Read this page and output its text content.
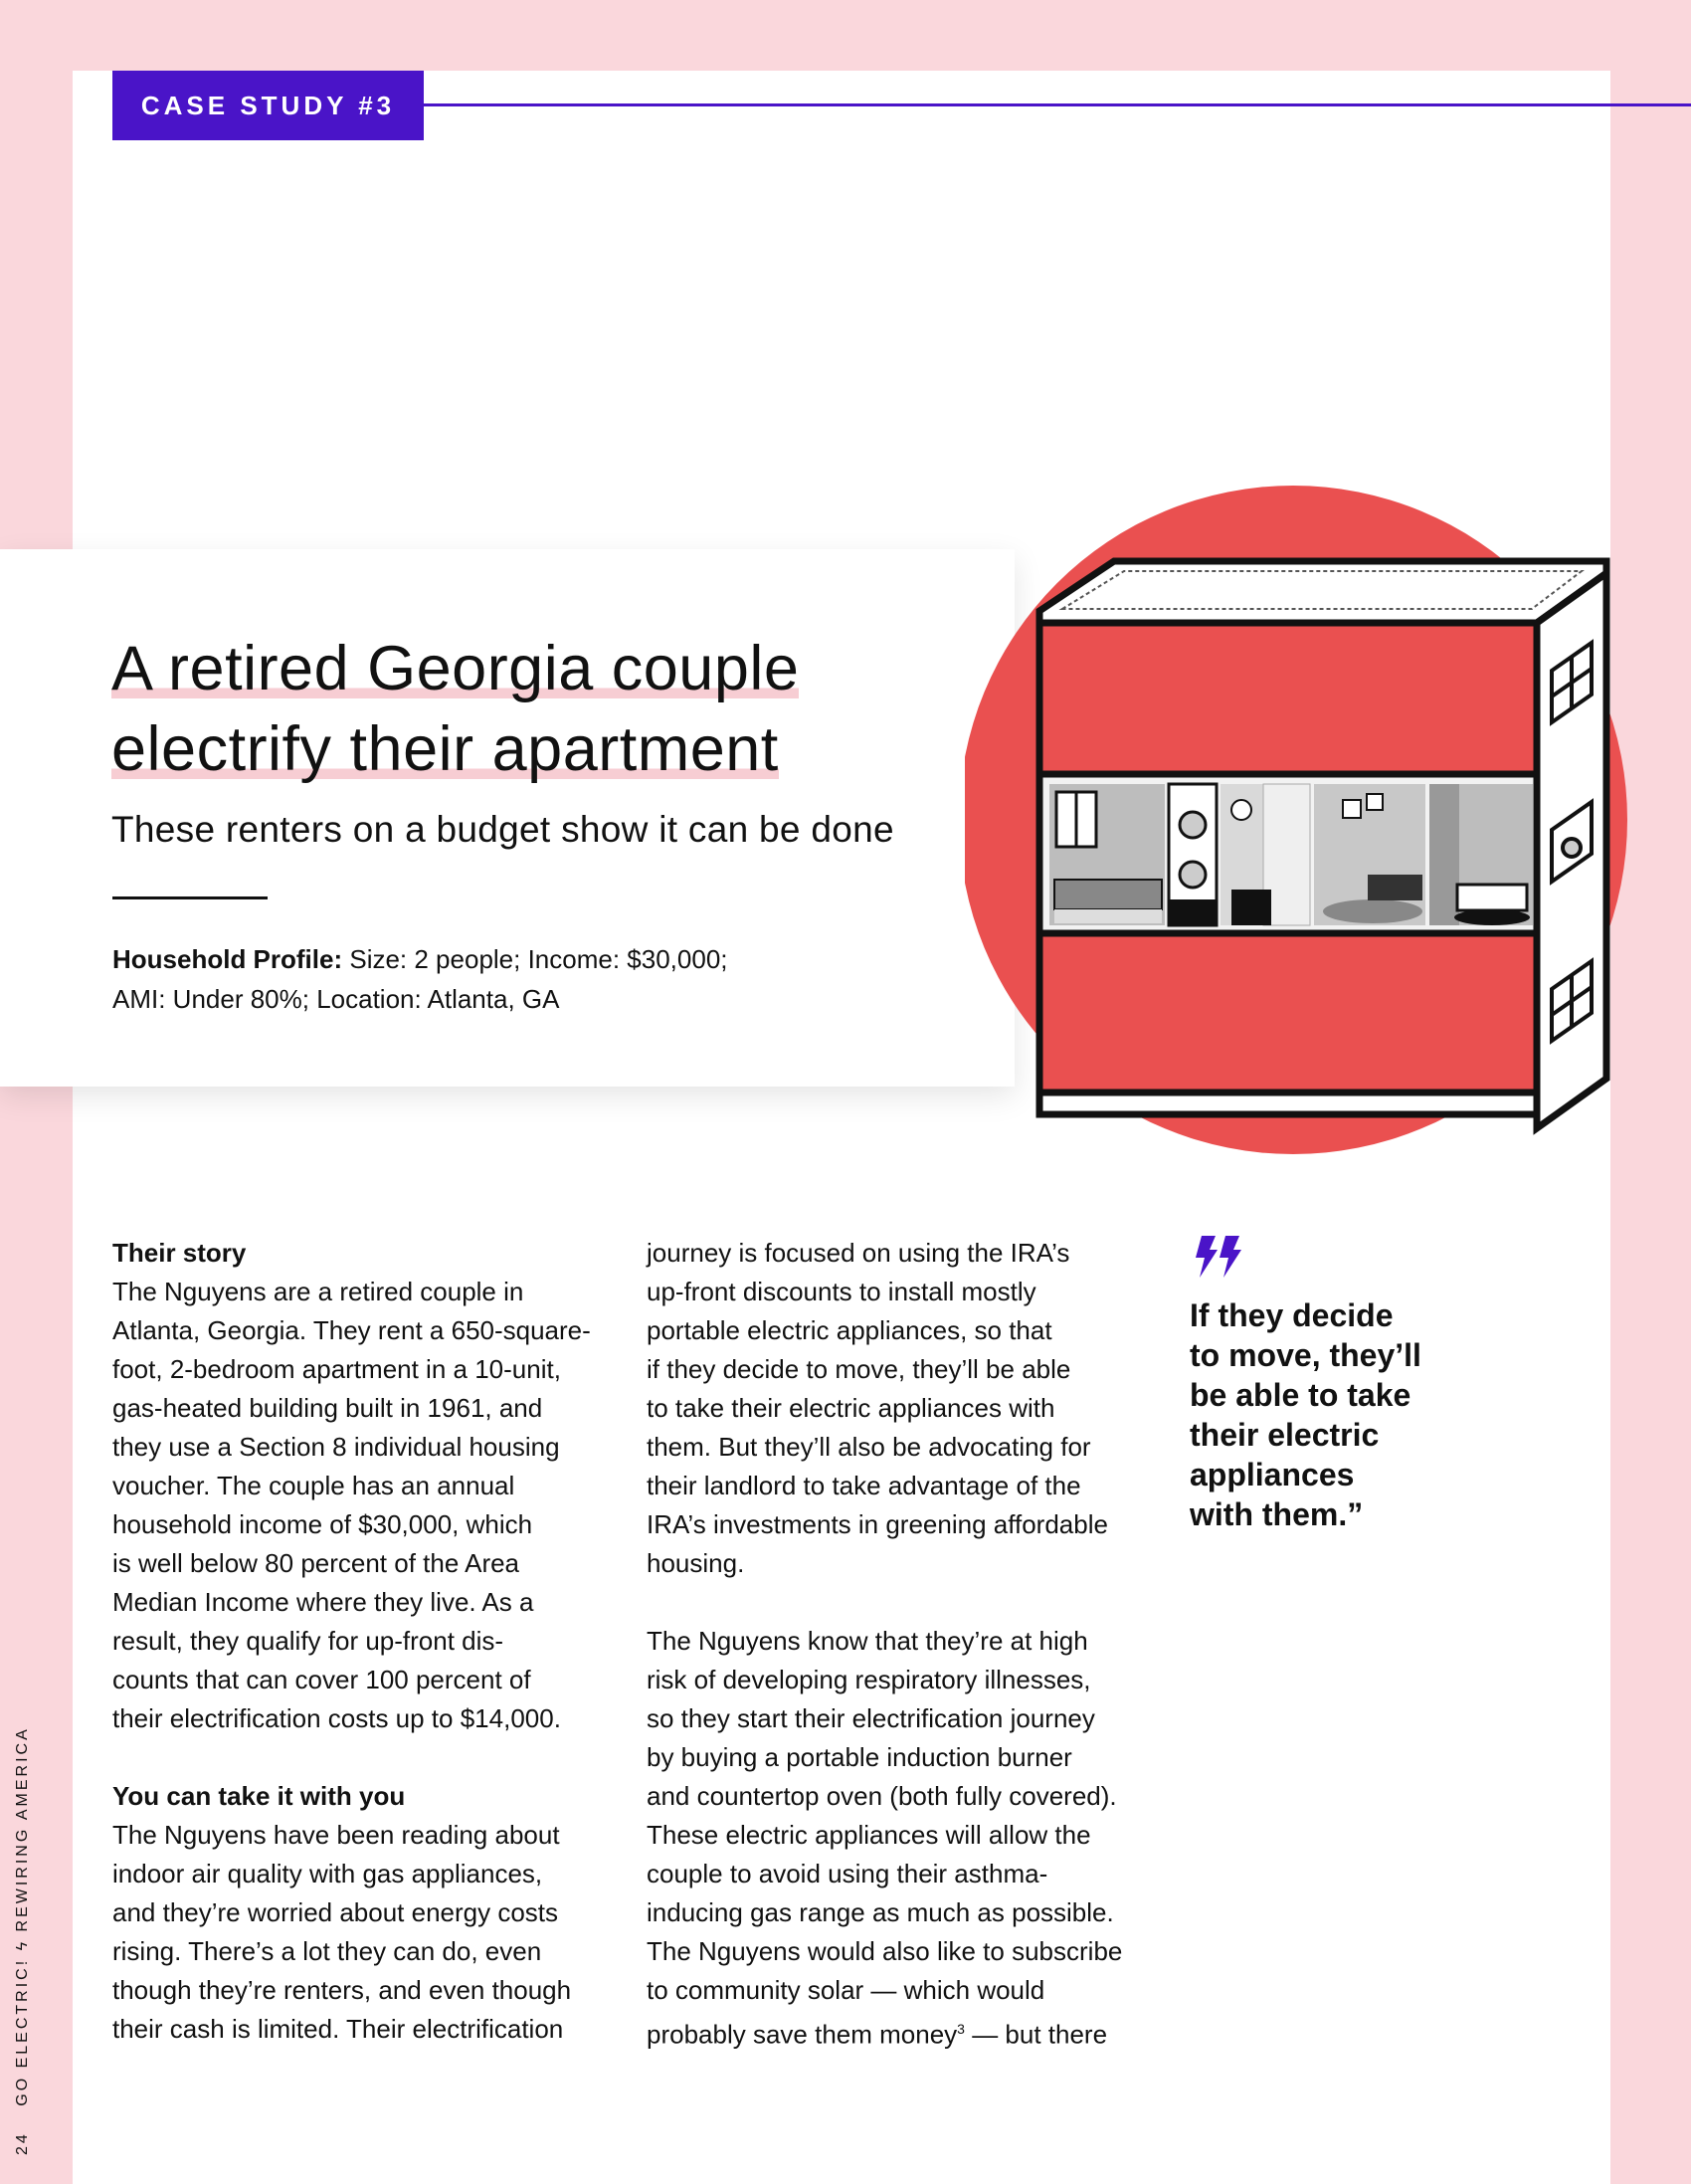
CASE STUDY #3
A retired Georgia couple
electrify their apartment
These renters on a budget show it can be done
Household Profile: Size: 2 people; Income: $30,000;
AMI: Under 80%; Location: Atlanta, GA
Their story

The Nguyens are a retired couple in

Atlanta, Georgia. They rent a 650-square-

foot, 2-bedroom apartment in a 10-unit,

gas-heated building built in 1961, and

they use a Section 8 individual housing

voucher. The couple has an annual

household income of $30,000, which

is well below 80 percent of the Area

Median Income where they live. As a

result, they qualify for up-front dis-

counts that can cover 100 percent of

their electrification costs up to $14,000.

You can take it with you

The Nguyens have been reading about

indoor air quality with gas appliances,

and they’re worried about energy costs

rising. There’s a lot they can do, even

though they’re renters, and even though

their cash is limited. Their electrification

journey is focused on using the IRA’s

up-front discounts to install mostly

portable electric appliances, so that

if they decide to move, they’ll be able

to take their electric appliances with

them. But they’ll also be advocating for

their landlord to take advantage of the

IRA’s investments in greening affordable

housing.

The Nguyens know that they’re at high

risk of developing respiratory illnesses,

so they start their electrification journey

by buying a portable induction burner

and countertop oven (both fully covered).

These electric appliances will allow the

couple to avoid using their asthma-

inducing gas range as much as possible.

The Nguyens would also like to subscribe

to community solar — which would

probably save them money$^3$ — but there

If they decide
to move, they’ll
be able to take
their electric
appliances
with them.”
24 GO ELECTRIC! ϟ REWIRING AMERICA
